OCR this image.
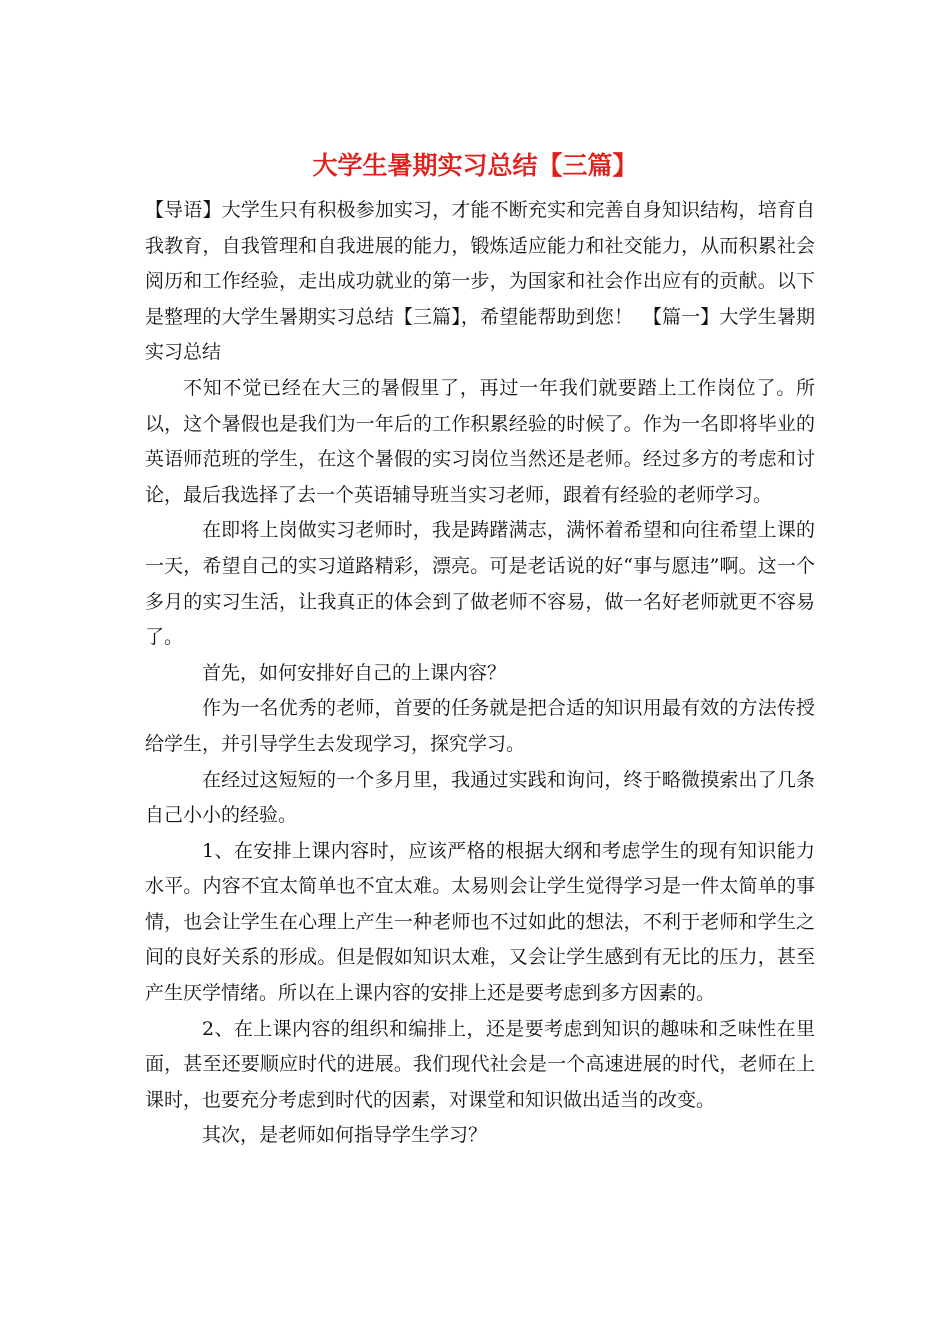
大学生暑期实习总结【三篇】

【导语】大学生只有积极参加实习，才能不断充实和完善自身知识结构，培育自我教育，自我管理和自我进展的能力，锻炼适应能力和社交能力，从而积累社会阅历和工作经验，走出成功就业的第一步，为国家和社会作出应有的贡献。以下是整理的大学生暑期实习总结【三篇】，希望能帮助到您！　【篇一】大学生暑期实习总结

不知不觉已经在大三的暑假里了，再过一年我们就要踏上工作岗位了。所以，这个暑假也是我们为一年后的工作积累经验的时候了。作为一名即将毕业的英语师范班的学生，在这个暑假的实习岗位当然还是老师。经过多方的考虑和讨论，最后我选择了去一个英语辅导班当实习老师，跟着有经验的老师学习。

在即将上岗做实习老师时，我是踌躇满志，满怀着希望和向往希望上课的一天，希望自己的实习道路精彩，漂亮。可是老话说的好“事与愿违”啊。这一个多月的实习生活，让我真正的体会到了做老师不容易，做一名好老师就更不容易了。

首先，如何安排好自己的上课内容？

作为一名优秀的老师，首要的任务就是把合适的知识用最有效的方法传授给学生，并引导学生去发现学习，探究学习。

在经过这短短的一个多月里，我通过实践和询问，终于略微摸索出了几条自己小小的经验。

1、在安排上课内容时，应该严格的根据大纲和考虑学生的现有知识能力水平。内容不宜太简单也不宜太难。太易则会让学生觉得学习是一件太简单的事情，也会让学生在心理上产生一种老师也不过如此的想法，不利于老师和学生之间的良好关系的形成。但是假如知识太难，又会让学生感到有无比的压力，甚至产生厌学情绪。所以在上课内容的安排上还是要考虑到多方因素的。

2、在上课内容的组织和编排上，还是要考虑到知识的趣味和乏味性在里面，甚至还要顺应时代的进展。我们现代社会是一个高速进展的时代，老师在上课时，也要充分考虑到时代的因素，对课堂和知识做出适当的改变。

其次，是老师如何指导学生学习？
